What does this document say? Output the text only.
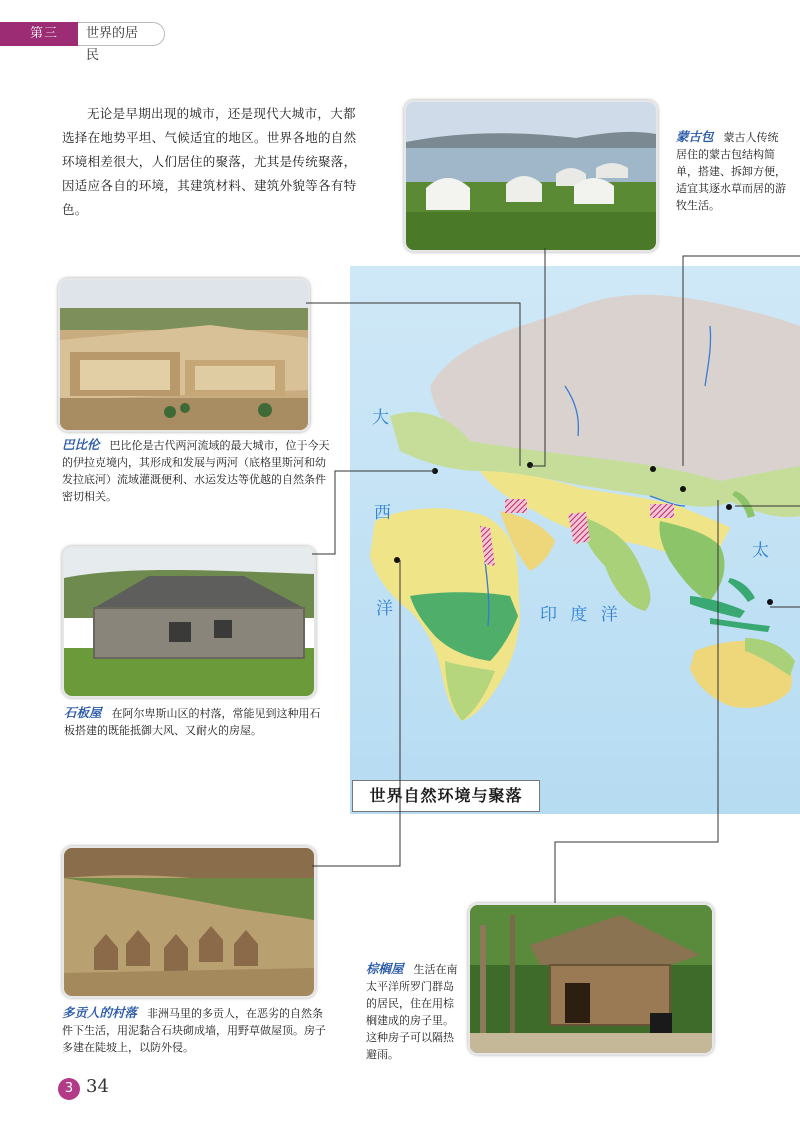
第三章
世界的居民
无论是早期出现的城市，还是现代大城市，大都选择在地势平坦、气候适宜的地区。世界各地的自然环境相差很大，人们居住的聚落，尤其是传统聚落，因适应各自的环境，其建筑材料、建筑外貌等各有特色。
大
西
洋	印 度 洋
太
世界自然环境与聚落
蒙古包 蒙古人传统居住的蒙古包结构简单，搭建、拆卸方便，适宜其逐水草而居的游牧生活。
巴比伦 巴比伦是古代两河流域的最大城市，位于今天的伊拉克境内，其形成和发展与两河（底格里斯河和幼发拉底河）流域灌溉便利、水运发达等优越的自然条件密切相关。
石板屋 在阿尔卑斯山区的村落，常能见到这种用石板搭建的既能抵御大风、又耐火的房屋。
多贡人的村落 非洲马里的多贡人，在恶劣的自然条件下生活，用泥黏合石块砌成墙，用野草做屋顶。房子多建在陡坡上，以防外侵。
棕榈屋 生活在南太平洋所罗门群岛的居民，住在用棕榈建成的房子里。这种房子可以隔热避雨。
3 34
